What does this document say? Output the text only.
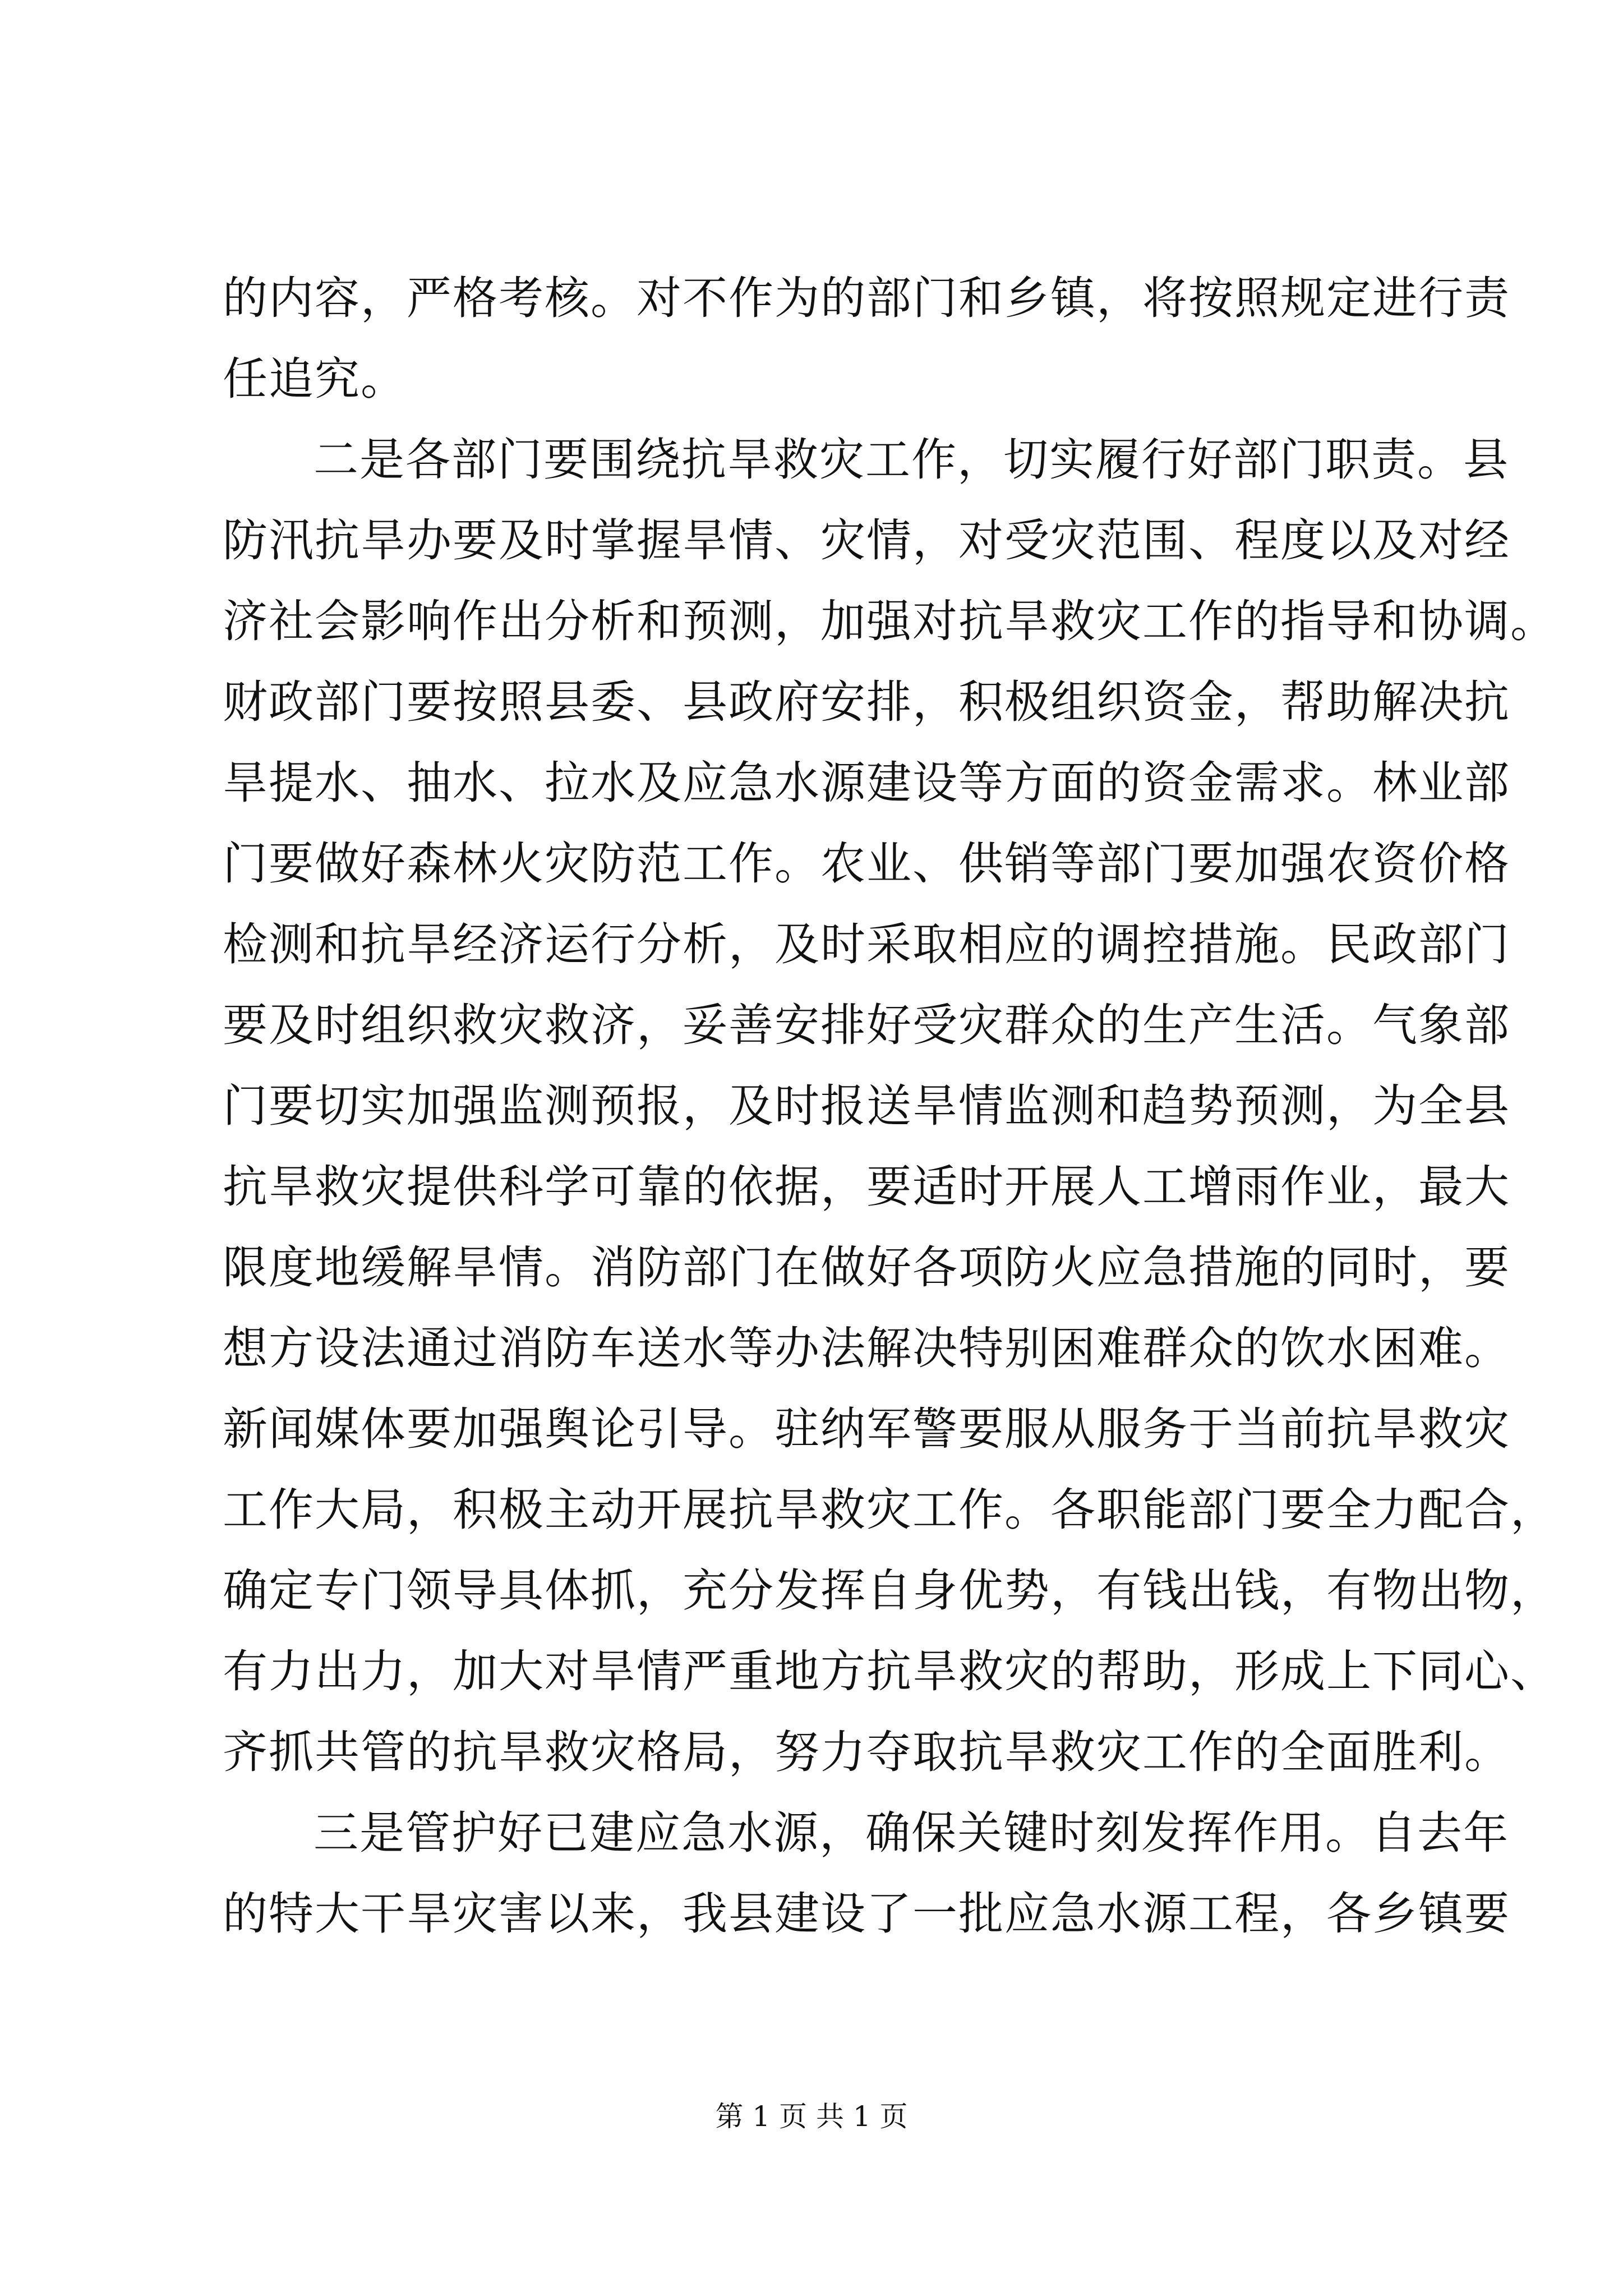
的内容，严格考核。对不作为的部门和乡镇，将按照规定进行责
任追究。
二是各部门要围绕抗旱救灾工作，切实履行好部门职责。县
防汛抗旱办要及时掌握旱情、灾情，对受灾范围、程度以及对经
济社会影响作出分析和预测，加强对抗旱救灾工作的指导和协调。
财政部门要按照县委、县政府安排，积极组织资金，帮助解决抗
旱提水、抽水、拉水及应急水源建设等方面的资金需求。林业部
门要做好森林火灾防范工作。农业、供销等部门要加强农资价格
检测和抗旱经济运行分析，及时采取相应的调控措施。民政部门
要及时组织救灾救济，妥善安排好受灾群众的生产生活。气象部
门要切实加强监测预报，及时报送旱情监测和趋势预测，为全县
抗旱救灾提供科学可靠的依据，要适时开展人工增雨作业，最大
限度地缓解旱情。消防部门在做好各项防火应急措施的同时，要
想方设法通过消防车送水等办法解决特别困难群众的饮水困难。
新闻媒体要加强舆论引导。驻纳军警要服从服务于当前抗旱救灾
工作大局，积极主动开展抗旱救灾工作。各职能部门要全力配合，
确定专门领导具体抓，充分发挥自身优势，有钱出钱，有物出物，
有力出力，加大对旱情严重地方抗旱救灾的帮助，形成上下同心、
齐抓共管的抗旱救灾格局，努力夺取抗旱救灾工作的全面胜利。
三是管护好已建应急水源，确保关键时刻发挥作用。自去年
的特大干旱灾害以来，我县建设了一批应急水源工程，各乡镇要
第 1 页 共 1 页
